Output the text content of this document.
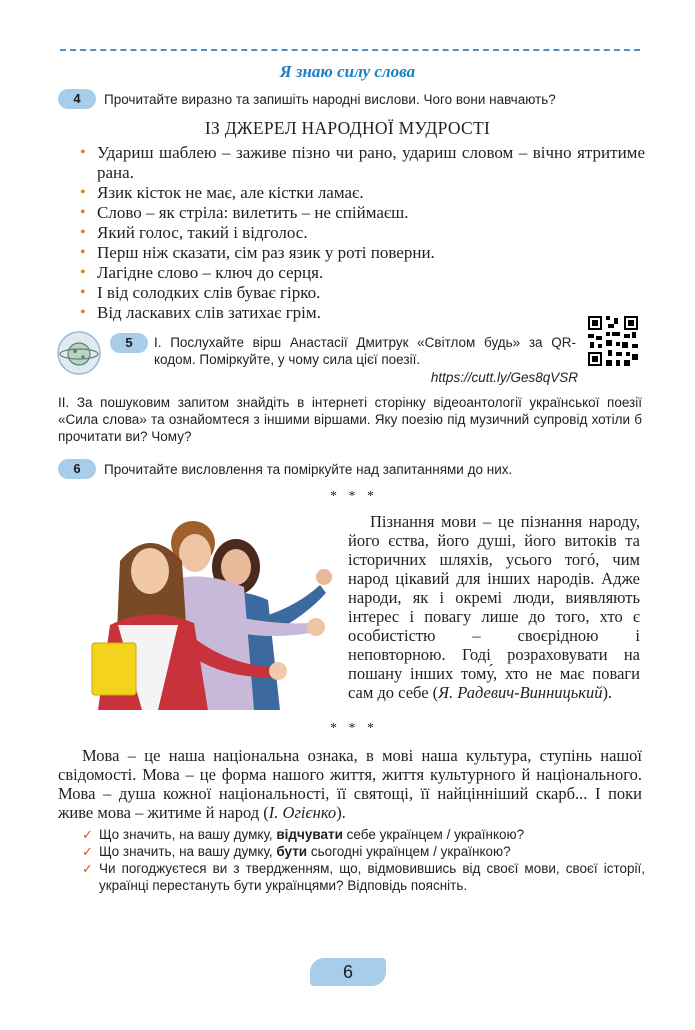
Я знаю силу слова
4	Прочитайте виразно та запишіть народні вислови. Чого вони навчають?
ІЗ ДЖЕРЕЛ НАРОДНОЇ МУДРОСТІ
• Удариш шаблею – заживе пізно чи рано, удариш словом – вічно ятритиме рана.
• Язик кісток не має, але кістки ламає.
• Слово – як стріла: вилетить – не спіймаєш.
• Який голос, такий і відголос.
• Перш ніж сказати, сім раз язик у роті поверни.
• Лагідне слово – ключ до серця.
• І від солодких слів буває гірко.
• Від ласкавих слів затихає грім.
5	І. Послухайте вірш Анастасії Дмитрук «Світлом будь» за QR-кодом. Поміркуйте, у чому сила цієї поезії.
https://cutt.ly/Ges8qVSR
ІІ. За пошуковим запитом знайдіть в інтернеті сторінку відеоантології української поезії «Сила слова» та ознайомтеся з іншими віршами. Яку поезію під музичний супровід хотіли б прочитати ви? Чому?
6	Прочитайте висловлення та поміркуйте над запитаннями до них.
* * *
Пізнання мови – це пізнання народу, його єства, його душі, його витоків та історичних шляхів, усього тогó, чим народ цікавий для інших народів. Адже народи, як і окремі люди, виявляють інтерес і повагу лише до того, хто є особистістю – своєрідною і неповторною. Годі розраховувати на пошану інших тому́, хто не має поваги сам до себе (Я. Радевич-Винницький).
* * *
Мова – це наша національна ознака, в мові наша культура, ступінь нашої свідомості. Мова – це форма нашого життя, життя культурного й національного. Мова – душа кожної національності, її святощі, її найцінніший скарб... І поки живе мова – житиме й народ (І. Огієнко).
✓ Що значить, на вашу думку, відчувати себе українцем / українкою?
✓ Що значить, на вашу думку, бути сьогодні українцем / українкою?
✓ Чи погоджуєтеся ви з твердженням, що, відмовившись від своєї мови, своєї історії, українці перестануть бути українцями? Відповідь поясніть.
6
